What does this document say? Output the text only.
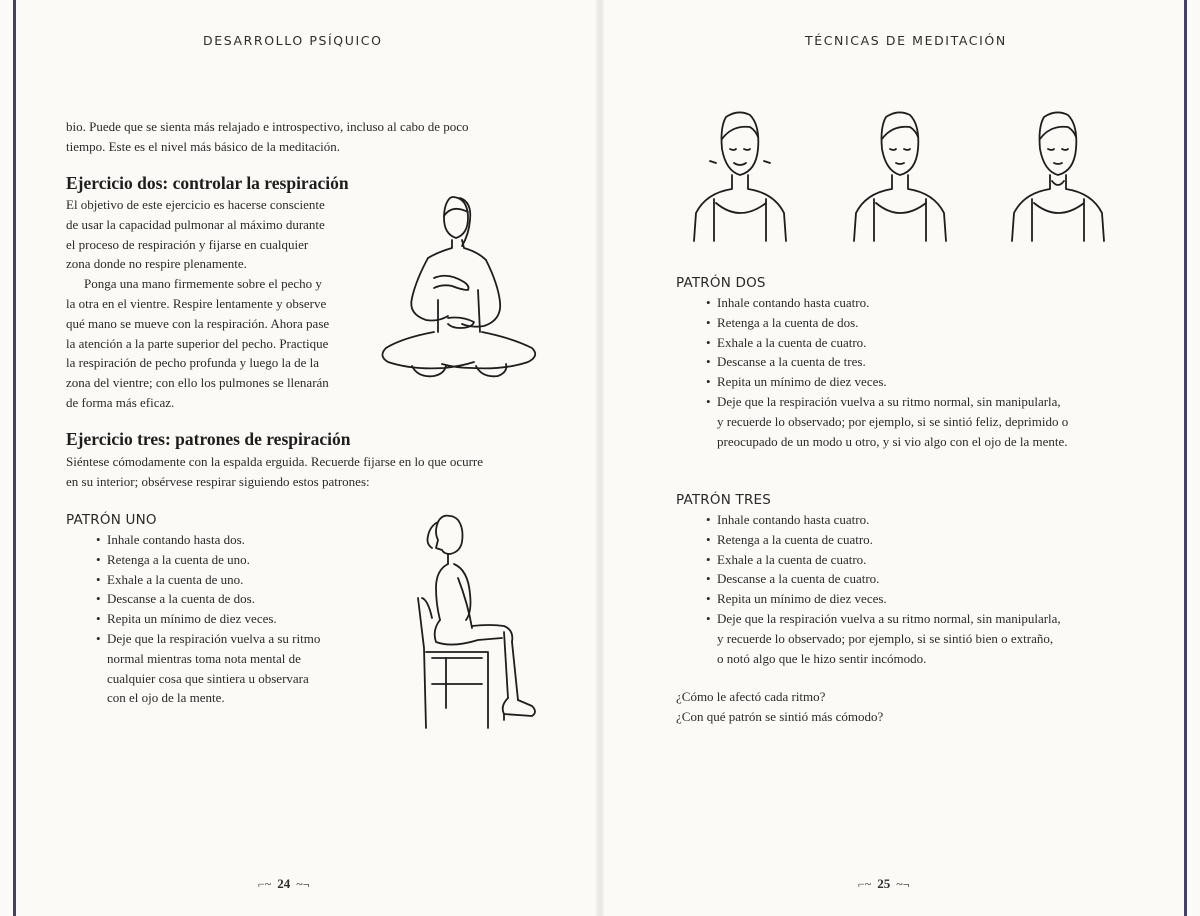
DESARROLLO PSÍQUICO

bio. Puede que se sienta más relajado e introspectivo, incluso al cabo de poco

tiempo. Este es el nivel más básico de la meditación.

Ejercicio dos: controlar la respiración

El objetivo de este ejercicio es hacerse consciente

de usar la capacidad pulmonar al máximo durante

el proceso de respiración y fijarse en cualquier

zona donde no respire plenamente.

Ponga una mano firmemente sobre el pecho y

la otra en el vientre. Respire lentamente y observe

qué mano se mueve con la respiración. Ahora pase

la atención a la parte superior del pecho. Practique

la respiración de pecho profunda y luego la de la

zona del vientre; con ello los pulmones se llenarán

de forma más eficaz.

Ejercicio tres: patrones de respiración

Siéntese cómodamente con la espalda erguida. Recuerde fijarse en lo que ocurre

en su interior; obsérvese respirar siguiendo estos patrones:

PATRÓN UNO
• Inhale contando hasta dos.
• Retenga a la cuenta de uno.
• Exhale a la cuenta de uno.
• Descanse a la cuenta de dos.
• Repita un mínimo de diez veces.
• Deje que la respiración vuelva a su ritmo
normal mientras toma nota mental de
cualquier cosa que sintiera u observara
con el ojo de la mente.
⌐~ 24 ~¬
TÉCNICAS DE MEDITACIÓN
PATRÓN DOS
• Inhale contando hasta cuatro.
• Retenga a la cuenta de dos.
• Exhale a la cuenta de cuatro.
• Descanse a la cuenta de tres.
• Repita un mínimo de diez veces.
• Deje que la respiración vuelva a su ritmo normal, sin manipularla,
y recuerde lo observado; por ejemplo, si se sintió feliz, deprimido o
preocupado de un modo u otro, y si vio algo con el ojo de la mente.
PATRÓN TRES
• Inhale contando hasta cuatro.
• Retenga a la cuenta de cuatro.
• Exhale a la cuenta de cuatro.
• Descanse a la cuenta de cuatro.
• Repita un mínimo de diez veces.
• Deje que la respiración vuelva a su ritmo normal, sin manipularla,
y recuerde lo observado; por ejemplo, si se sintió bien o extraño,
o notó algo que le hizo sentir incómodo.

¿Cómo le afectó cada ritmo?

¿Con qué patrón se sintió más cómodo?

⌐~ 25 ~¬
